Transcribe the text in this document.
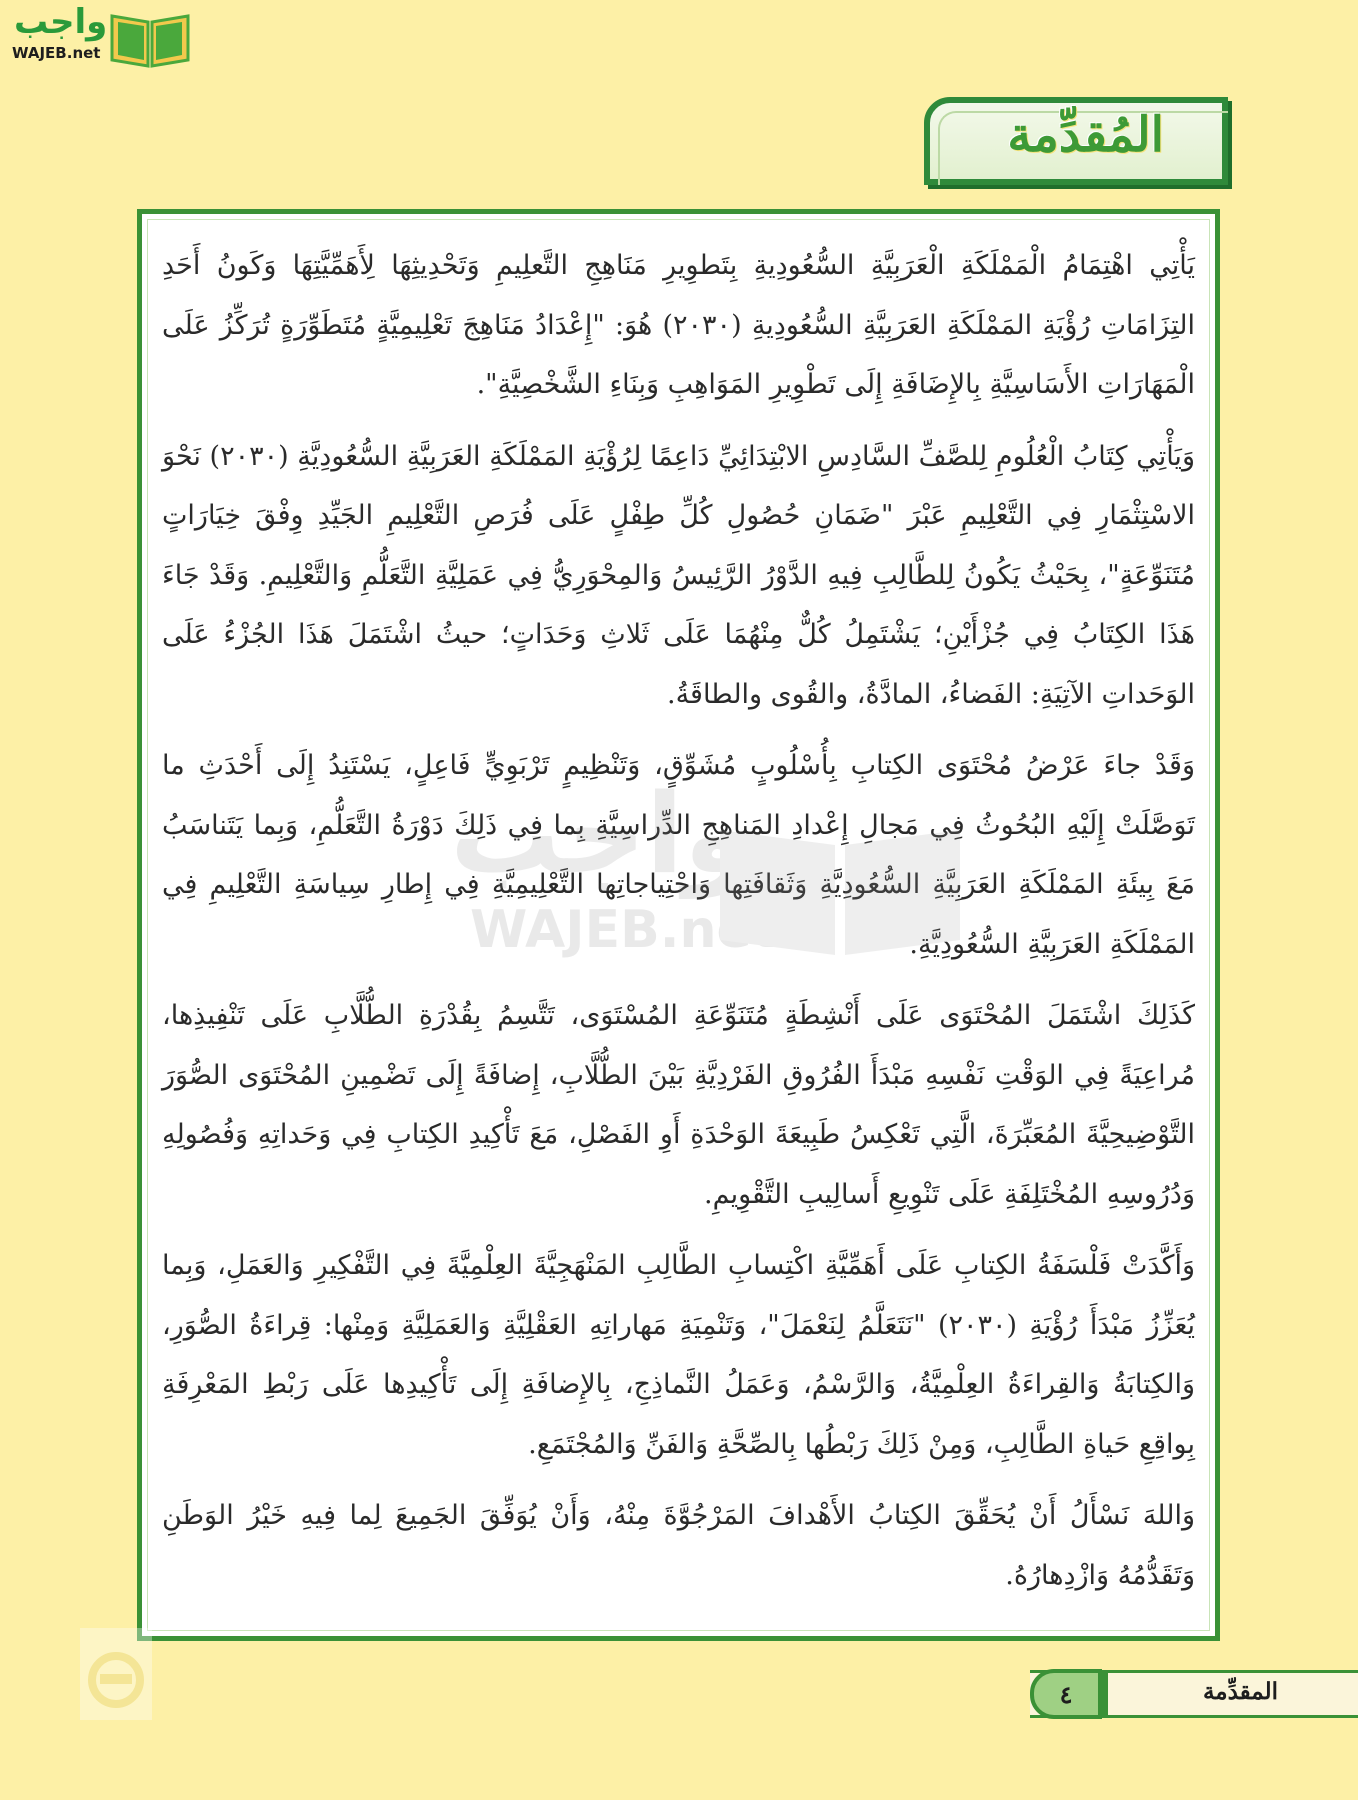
واجب
WAJEB.net
المُقدِّمة

يَأْتِي اهْتِمَامُ الْمَمْلَكَةِ الْعَرَبِيَّةِ السُّعُودِيةِ بِتَطوِيرِ مَنَاهِجِ التَّعلِيمِ وَتَحْدِيثِهَا لِأَهَمِّيَّتِهَا وَكَونُ أَحَدِ التِزَامَاتِ رُؤْيَةِ المَمْلَكَةِ العَرَبِيَّةِ السُّعُودِيةِ (٢٠٣٠) هُوَ: "إِعْدَادُ مَنَاهِجَ تَعْلِيمِيَّةٍ مُتَطَوِّرَةٍ تُرَكِّزُ عَلَى الْمَهَارَاتِ الأَسَاسِيَّةِ بِالإِضَافَةِ إِلَى تَطْوِيرِ المَوَاهِبِ وَبِنَاءِ الشَّخْصِيَّةِ".

وَيَأْتِي كِتَابُ الْعُلُومِ لِلصَّفِّ السَّادِسِ الابْتِدَائِيِّ دَاعِمًا لِرُؤْيَةِ المَمْلَكَةِ العَرَبِيَّةِ السُّعُودِيَّةِ (٢٠٣٠) نَحْوَ الاسْتِثْمَارِ فِي التَّعْلِيمِ عَبْرَ "ضَمَانِ حُصُولِ كُلِّ طِفْلٍ عَلَى فُرَصِ التَّعْلِيمِ الجَيِّدِ وِفْقَ خِيَارَاتٍ مُتَنَوِّعَةٍ"، بِحَيْثُ يَكُونُ لِلطَّالِبِ فِيهِ الدَّوْرُ الرَّئِيسُ وَالمِحْوَرِيُّ فِي عَمَلِيَّةِ التَّعَلُّمِ وَالتَّعْلِيمِ. وَقَدْ جَاءَ هَذَا الكِتَابُ فِي جُزْأَيْنِ؛ يَشْتَمِلُ كُلٌّ مِنْهُمَا عَلَى ثَلاثِ وَحَدَاتٍ؛ حيثُ اشْتَمَلَ هَذَا الجُزْءُ عَلَى الوَحَداتِ الآتِيَةِ: الفَضاءُ، المادَّةُ، والقُوى والطاقَةُ.

وَقَدْ جاءَ عَرْضُ مُحْتَوَى الكِتابِ بِأُسْلُوبٍ مُشَوِّقٍ، وَتَنْظِيمٍ تَرْبَوِيٍّ فَاعِلٍ، يَسْتَنِدُ إِلَى أَحْدَثِ ما تَوَصَّلَتْ إِلَيْهِ البُحُوثُ فِي مَجالِ إِعْدادِ المَناهِجِ الدِّراسِيَّةِ بِما فِي ذَلِكَ دَوْرَةُ التَّعَلُّمِ، وَبِما يَتَناسَبُ مَعَ بِيئَةِ المَمْلَكَةِ العَرَبِيَّةِ السُّعُودِيَّةِ وَثَقافَتِها وَاحْتِياجاتِها التَّعْلِيمِيَّةِ فِي إِطارِ سِياسَةِ التَّعْلِيمِ فِي المَمْلَكَةِ العَرَبِيَّةِ السُّعُودِيَّةِ.

كَذَلِكَ اشْتَمَلَ المُحْتَوَى عَلَى أَنْشِطَةٍ مُتَنَوِّعَةِ المُسْتَوَى، تَتَّسِمُ بِقُدْرَةِ الطُّلَّابِ عَلَى تَنْفِيذِها، مُراعِيَةً فِي الوَقْتِ نَفْسِهِ مَبْدَأَ الفُرُوقِ الفَرْدِيَّةِ بَيْنَ الطُّلَّابِ، إِضافَةً إِلَى تَضْمِينِ المُحْتَوَى الصُّوَرَ التَّوْضِيحِيَّةَ المُعَبِّرَةَ، الَّتِي تَعْكِسُ طَبِيعَةَ الوَحْدَةِ أَوِ الفَصْلِ، مَعَ تَأْكِيدِ الكِتابِ فِي وَحَداتِهِ وَفُصُولِهِ وَدُرُوسِهِ المُخْتَلِفَةِ عَلَى تَنْوِيعِ أَسالِيبِ التَّقْوِيمِ.

وَأَكَّدَتْ فَلْسَفَةُ الكِتابِ عَلَى أَهَمِّيَّةِ اكْتِسابِ الطَّالِبِ المَنْهَجِيَّةَ العِلْمِيَّةَ فِي التَّفْكِيرِ وَالعَمَلِ، وَبِما يُعَزِّزُ مَبْدَأَ رُؤْيَةِ (٢٠٣٠) "نَتَعَلَّمُ لِنَعْمَلَ"، وَتَنْمِيَةِ مَهاراتِهِ العَقْلِيَّةِ وَالعَمَلِيَّةِ وَمِنْها: قِراءَةُ الصُّوَرِ، وَالكِتابَةُ وَالقِراءَةُ العِلْمِيَّةُ، وَالرَّسْمُ، وَعَمَلُ النَّماذِجِ، بِالإِضافَةِ إِلَى تَأْكِيدِها عَلَى رَبْطِ المَعْرِفَةِ بِواقِعِ حَياةِ الطَّالِبِ، وَمِنْ ذَلِكَ رَبْطُها بِالصِّحَّةِ وَالفَنِّ وَالمُجْتَمَعِ.

وَاللهَ نَسْأَلُ أَنْ يُحَقِّقَ الكِتابُ الأَهْدافَ المَرْجُوَّةَ مِنْهُ، وَأَنْ يُوَفِّقَ الجَمِيعَ لِما فِيهِ خَيْرُ الوَطَنِ وَتَقَدُّمُهُ وَازْدِهارُهُ.

٤	المقدِّمة
